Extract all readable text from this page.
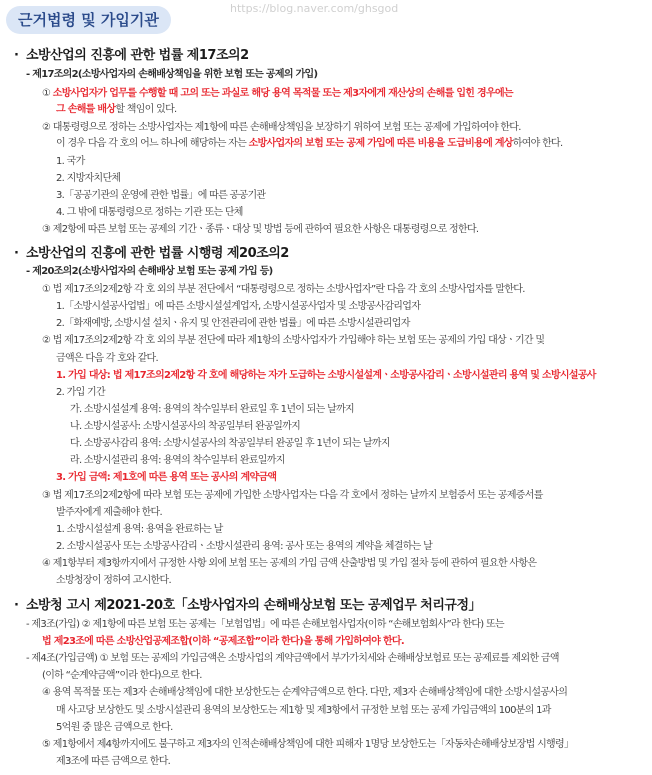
근거법령 및 가입기관
· 소방산업의 진흥에 관한 법률 제17조의2
- 제17조의2(소방사업자의 손해배상책임을 위한 보험 또는 공제의 가입)
① 소방사업자가 업무를 수행할 때 고의 또는 과실로 해당 용역 목적물 또는 제3자에게 재산상의 손해를 입힌 경우에는
그 손해를 배상할 책임이 있다.
② 대통령령으로 정하는 소방사업자는 제1항에 따른 손해배상책임을 보장하기 위하여 보험 또는 공제에 가입하여야 한다.
이 경우 다음 각 호의 어느 하나에 해당하는 자는 소방사업자의 보험 또는 공제 가입에 따른 비용을 도급비용에 계상하여야 한다.
1. 국가
2. 지방자치단체
3.「공공기관의 운영에 관한 법률」에 따른 공공기관
4. 그 밖에 대통령령으로 정하는 기관 또는 단체
③ 제2항에 따른 보험 또는 공제의 기간ㆍ종류ㆍ대상 및 방법 등에 관하여 필요한 사항은 대통령령으로 정한다.
· 소방산업의 진흥에 관한 법률 시행령 제20조의2
- 제20조의2(소방사업자의 손해배상 보험 또는 공제 가입 등)
① 법 제17조의2제2항 각 호 외의 부분 전단에서 “대통령령으로 정하는 소방사업자”란 다음 각 호의 소방사업자를 말한다.
1.「소방시설공사업법」에 따른 소방시설설계업자, 소방시설공사업자 및 소방공사감리업자
2.「화재예방, 소방시설 설치ㆍ유지 및 안전관리에 관한 법률」에 따른 소방시설관리업자
② 법 제17조의2제2항 각 호 외의 부분 전단에 따라 제1항의 소방사업자가 가입해야 하는 보험 또는 공제의 가입 대상ㆍ기간 및
금액은 다음 각 호와 같다.
1. 가입 대상: 법 제17조의2제2항 각 호에 해당하는 자가 도급하는 소방시설설계ㆍ소방공사감리ㆍ소방시설관리 용역 및 소방시설공사
2. 가입 기간
가. 소방시설설계 용역: 용역의 착수일부터 완료일 후 1년이 되는 날까지
나. 소방시설공사: 소방시설공사의 착공일부터 완공일까지
다. 소방공사감리 용역: 소방시설공사의 착공일부터 완공일 후 1년이 되는 날까지
라. 소방시설관리 용역: 용역의 착수일부터 완료일까지
3. 가입 금액: 제1호에 따른 용역 또는 공사의 계약금액
③ 법 제17조의2제2항에 따라 보험 또는 공제에 가입한 소방사업자는 다음 각 호에서 정하는 날까지 보험증서 또는 공제증서를
발주자에게 제출해야 한다.
1. 소방시설설계 용역: 용역을 완료하는 날
2. 소방시설공사 또는 소방공사감리ㆍ소방시설관리 용역: 공사 또는 용역의 계약을 체결하는 날
④ 제1항부터 제3항까지에서 규정한 사항 외에 보험 또는 공제의 가입 금액 산출방법 및 가입 절차 등에 관하여 필요한 사항은
소방청장이 정하여 고시한다.
https://blog.naver.com/ghsgod
· 소방청 고시 제2021-20호「소방사업자의 손해배상보험 또는 공제업무 처리규정」
- 제3조(가입) ② 제1항에 따른 보험 또는 공제는「보험업법」에 따른 손해보험사업자(이하 “손해보험회사”라 한다) 또는
법 제23조에 따른 소방산업공제조합(이하 “공제조합”이라 한다)을 통해 가입하여야 한다.
- 제4조(가입금액) ① 보험 또는 공제의 가입금액은 소방사업의 계약금액에서 부가가치세와 손해배상보험료 또는 공제료를 제외한 금액
(이하 “순계약금액”이라 한다)으로 한다.
④ 용역 목적물 또는 제3자 손해배상책임에 대한 보상한도는 순계약금액으로 한다. 다만, 제3자 손해배상책임에 대한 소방시설공사의
매 사고당 보상한도 및 소방시설관리 용역의 보상한도는 제1항 및 제3항에서 규정한 보험 또는 공제 가입금액의 100분의 1과
5억원 중 많은 금액으로 한다.
⑤ 제1항에서 제4항까지에도 불구하고 제3자의 인적손해배상책임에 대한 피해자 1명당 보상한도는「자동차손해배상보장법 시행령」
제3조에 따른 금액으로 한다.
